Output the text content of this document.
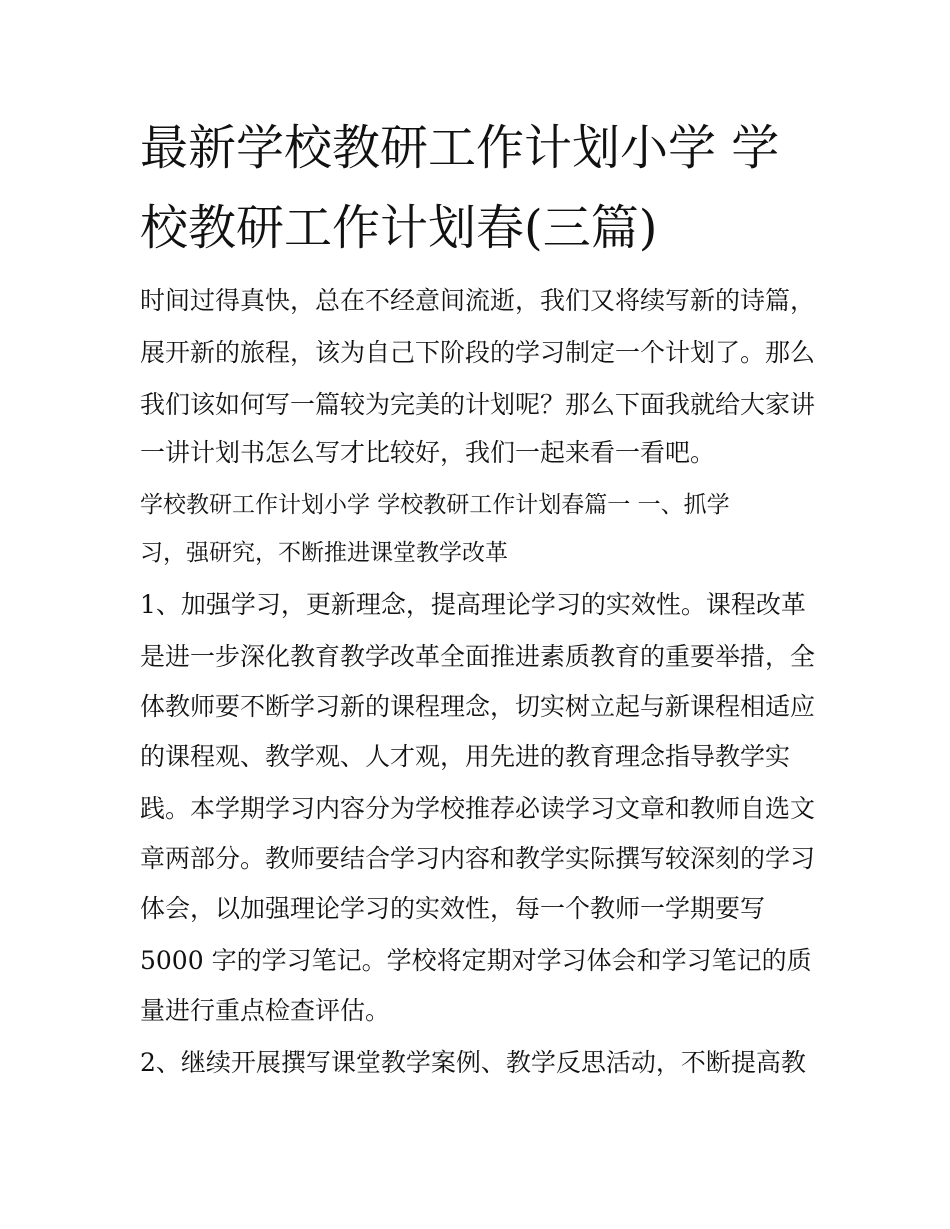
最新学校教研工作计划小学 学
校教研工作计划春(三篇)

时间过得真快，总在不经意间流逝，我们又将续写新的诗篇，

展开新的旅程，该为自己下阶段的学习制定一个计划了。那么

我们该如何写一篇较为完美的计划呢？那么下面我就给大家讲

一讲计划书怎么写才比较好，我们一起来看一看吧。

学校教研工作计划小学 学校教研工作计划春篇一 一、抓学

习，强研究，不断推进课堂教学改革

1、加强学习，更新理念，提高理论学习的实效性。课程改革

是进一步深化教育教学改革全面推进素质教育的重要举措，全

体教师要不断学习新的课程理念，切实树立起与新课程相适应

的课程观、教学观、人才观，用先进的教育理念指导教学实

践。本学期学习内容分为学校推荐必读学习文章和教师自选文

章两部分。教师要结合学习内容和教学实际撰写较深刻的学习

体会，以加强理论学习的实效性，每一个教师一学期要写

5000 字的学习笔记。学校将定期对学习体会和学习笔记的质

量进行重点检查评估。

2、继续开展撰写课堂教学案例、教学反思活动，不断提高教
